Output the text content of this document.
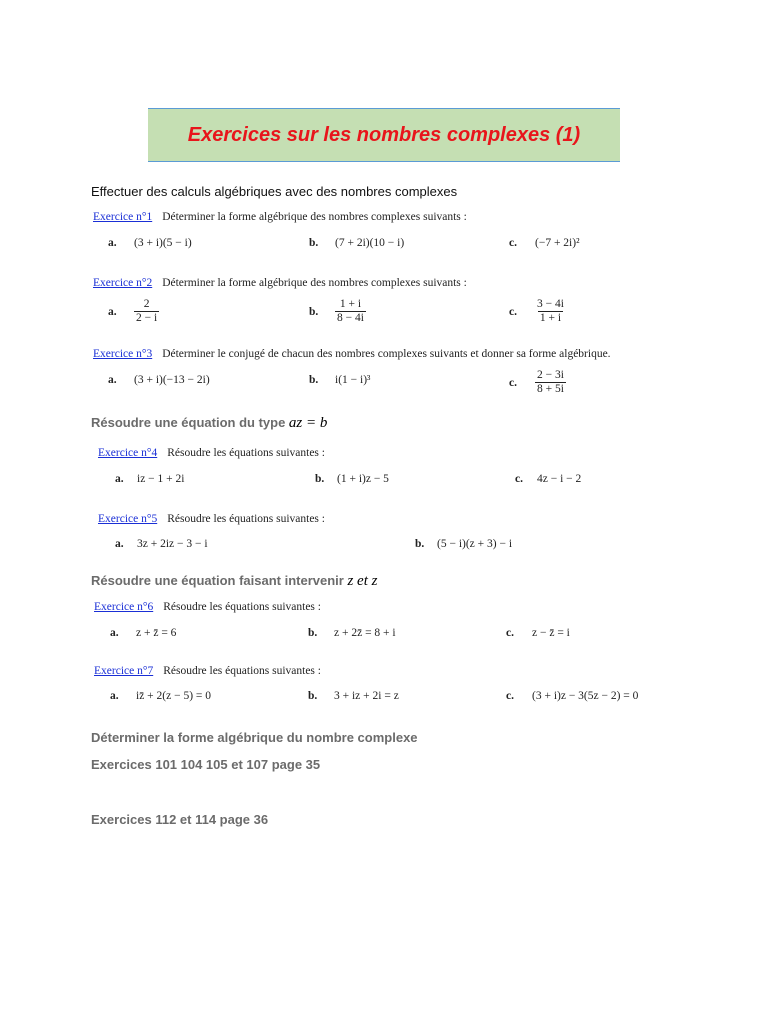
Exercices sur les nombres complexes (1)
Effectuer des calculs algébriques avec des nombres complexes
Exercice n°1 Déterminer la forme algébrique des nombres complexes suivants :
a.	(3 + i)(5 − i)	b.	(7 + 2i)(10 − i)	c.	(−7 + 2i)²
Exercice n°2 Déterminer la forme algébrique des nombres complexes suivants :
a.	$\frac{2}{2 - i}$	b.	$\frac{1 + i}{8 - 4i}$	c.	$\frac{3 - 4i}{1 + i}$
Exercice n°3 Déterminer le conjugé de chacun des nombres complexes suivants et donner sa forme algébrique.
a.	(3 + i)(−13 − 2i)	b.	i(1 − i)³	c.	$\frac{2 - 3i}{8 + 5i}$
Résoudre une équation du type az = b
Exercice n°4 Résoudre les équations suivantes :
a.	iz − 1 + 2i	b.	(1 + i)z − 5	c.	4z − i − 2
Exercice n°5 Résoudre les équations suivantes :
a.	3z + 2iz − 3 − i	b.	(5 − i)(z + 3) − i
Résoudre une équation faisant intervenir z et z
Exercice n°6 Résoudre les équations suivantes :
a.	z + z̄ = 6	b.	z + 2z̄ = 8 + i	c.	z − z̄ = i
Exercice n°7 Résoudre les équations suivantes :
a.	iz̄ + 2(z − 5) = 0	b.	3 + iz + 2i = z	c.	(3 + i)z − 3(5z − 2) = 0
Déterminer la forme algébrique du nombre complexe
Exercices 101 104 105 et 107 page 35
Exercices 112 et 114 page 36
